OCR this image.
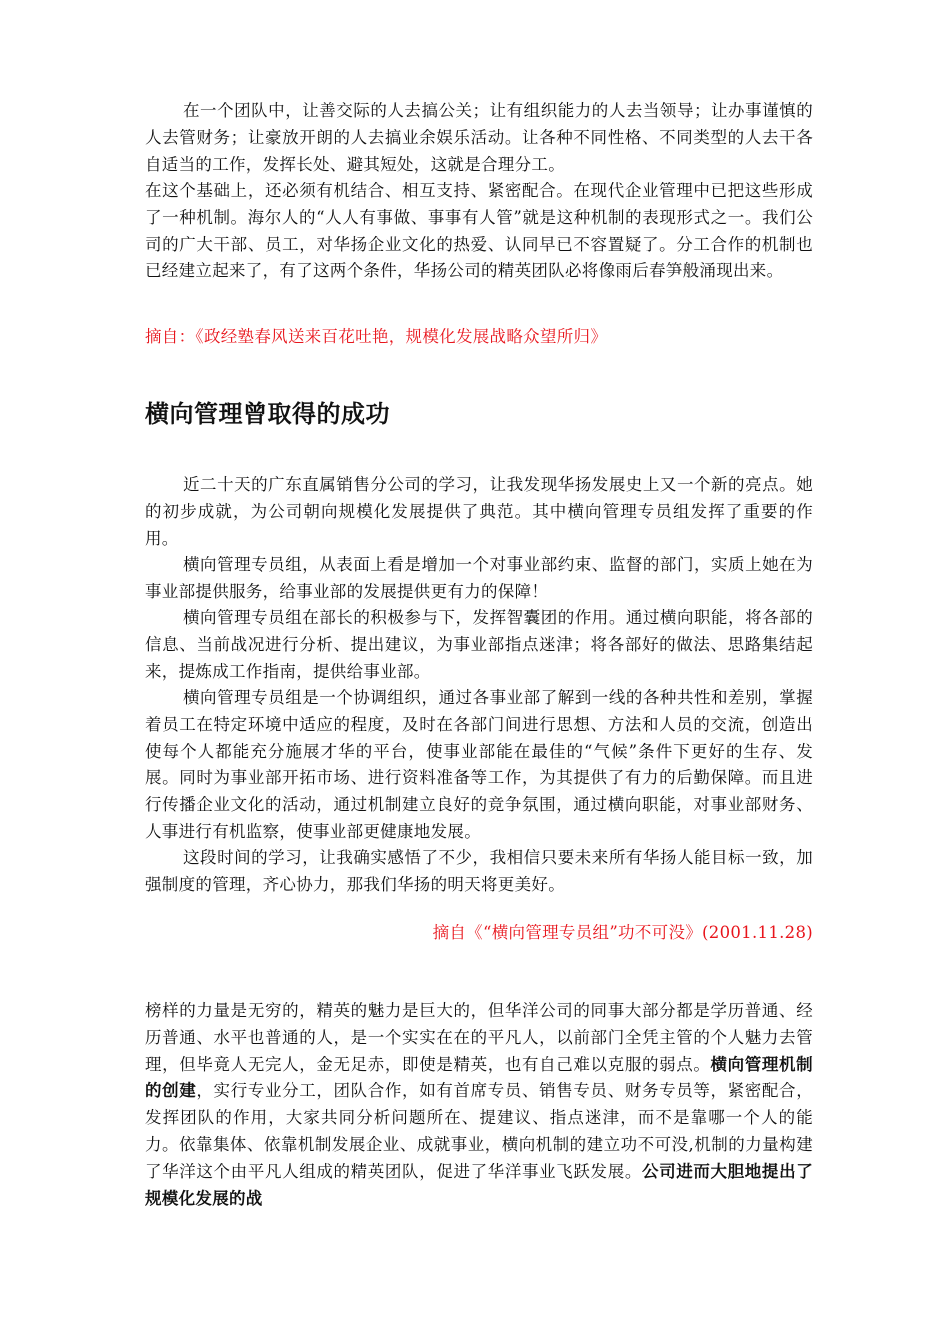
在一个团队中，让善交际的人去搞公关；让有组织能力的人去当领导；让办事谨慎的人去管财务；让豪放开朗的人去搞业余娱乐活动。让各种不同性格、不同类型的人去干各自适当的工作，发挥长处、避其短处，这就是合理分工。

在这个基础上，还必须有机结合、相互支持、紧密配合。在现代企业管理中已把这些形成了一种机制。海尔人的“人人有事做、事事有人管”就是这种机制的表现形式之一。我们公司的广大干部、员工，对华扬企业文化的热爱、认同早已不容置疑了。分工合作的机制也已经建立起来了，有了这两个条件，华扬公司的精英团队必将像雨后春笋般涌现出来。

摘自：《政经塾春风送来百花吐艳，规模化发展战略众望所归》

横向管理曾取得的成功

近二十天的广东直属销售分公司的学习，让我发现华扬发展史上又一个新的亮点。她的初步成就，为公司朝向规模化发展提供了典范。其中横向管理专员组发挥了重要的作用。

横向管理专员组，从表面上看是增加一个对事业部约束、监督的部门，实质上她在为事业部提供服务，给事业部的发展提供更有力的保障！

横向管理专员组在部长的积极参与下，发挥智囊团的作用。通过横向职能，将各部的信息、当前战况进行分析、提出建议，为事业部指点迷津；将各部好的做法、思路集结起来，提炼成工作指南，提供给事业部。

横向管理专员组是一个协调组织，通过各事业部了解到一线的各种共性和差别，掌握着员工在特定环境中适应的程度，及时在各部门间进行思想、方法和人员的交流，创造出使每个人都能充分施展才华的平台，使事业部能在最佳的“气候”条件下更好的生存、发展。同时为事业部开拓市场、进行资料准备等工作，为其提供了有力的后勤保障。而且进行传播企业文化的活动，通过机制建立良好的竞争氛围，通过横向职能，对事业部财务、人事进行有机监察，使事业部更健康地发展。

这段时间的学习，让我确实感悟了不少，我相信只要未来所有华扬人能目标一致，加强制度的管理，齐心协力，那我们华扬的明天将更美好。

摘自《“横向管理专员组”功不可没》(2001.11.28)

榜样的力量是无穷的，精英的魅力是巨大的，但华洋公司的同事大部分都是学历普通、经历普通、水平也普通的人，是一个实实在在的平凡人，以前部门全凭主管的个人魅力去管理，但毕竟人无完人，金无足赤，即使是精英，也有自己难以克服的弱点。横向管理机制的创建，实行专业分工，团队合作，如有首席专员、销售专员、财务专员等，紧密配合，发挥团队的作用，大家共同分析问题所在、提建议、指点迷津，而不是靠哪一个人的能力。依靠集体、依靠机制发展企业、成就事业，横向机制的建立功不可没,机制的力量构建了华洋这个由平凡人组成的精英团队，促进了华洋事业飞跃发展。公司进而大胆地提出了规模化发展的战
